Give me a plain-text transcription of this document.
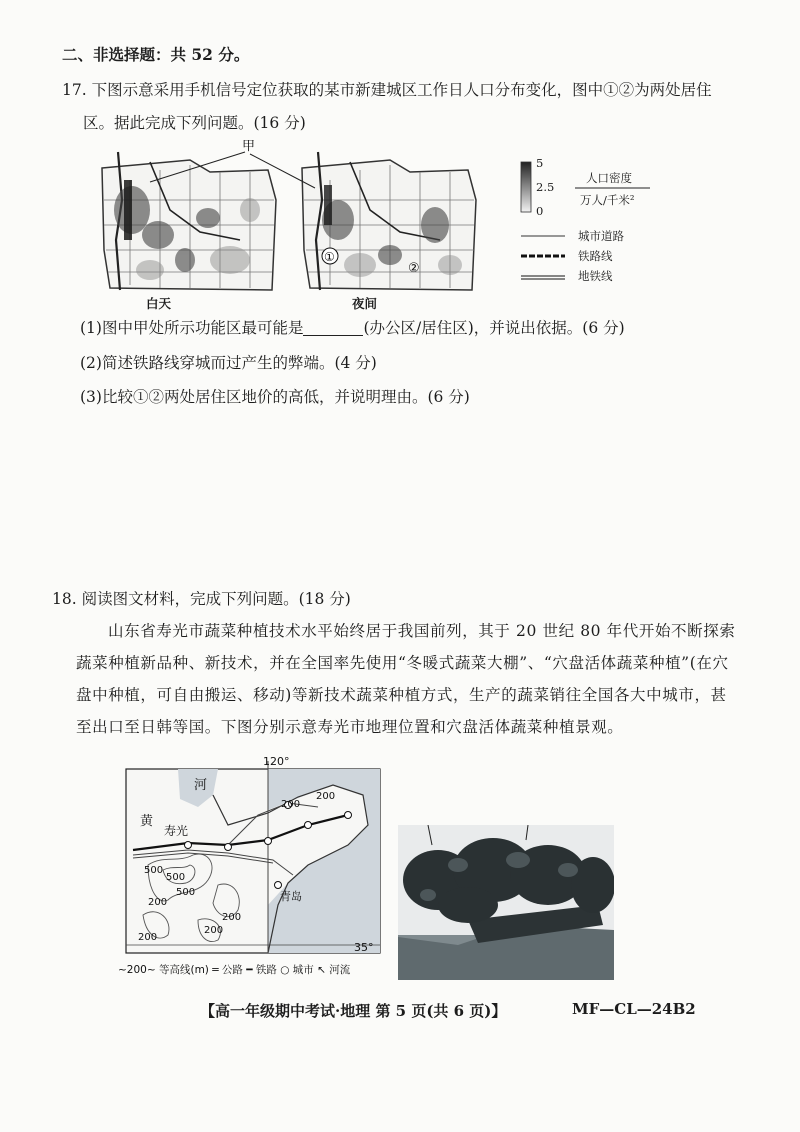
二、非选择题：共 52 分。
17. 下图示意采用手机信号定位获取的某市新建城区工作日人口分布变化，图中①②为两处居住
区。据此完成下列问题。(16 分)
甲
①
②
白天	夜间
5
2.5
0
人口密度
万人/千米²
城市道路
铁路线
地铁线
(1)图中甲处所示功能区最可能是	(办公区/居住区)，并说出依据。(6 分)
(2)简述铁路线穿城而过产生的弊端。(4 分)
(3)比较①②两处居住区地价的高低，并说明理由。(6 分)
18. 阅读图文材料，完成下列问题。(18 分)
山东省寿光市蔬菜种植技术水平始终居于我国前列，其于 20 世纪 80 年代开始不断探索蔬菜种植新品种、新技术，并在全国率先使用“冬暖式蔬菜大棚”、“穴盘活体蔬菜种植”(在穴盘中种植，可自由搬运、移动)等新技术蔬菜种植方式，生产的蔬菜销往全国各大中城市，甚至出口至日韩等国。下图分别示意寿光市地理位置和穴盘活体蔬菜种植景观。
120°
35°
黄
河
寿光
青岛
200
200
500
500
500
200
200
200
200
~200~ 等高线(m) ═ 公路 ━ 铁路 ○ 城市 ↖ 河流
【高一年级期中考试·地理 第 5 页(共 6 页)】	MF—CL—24B2
